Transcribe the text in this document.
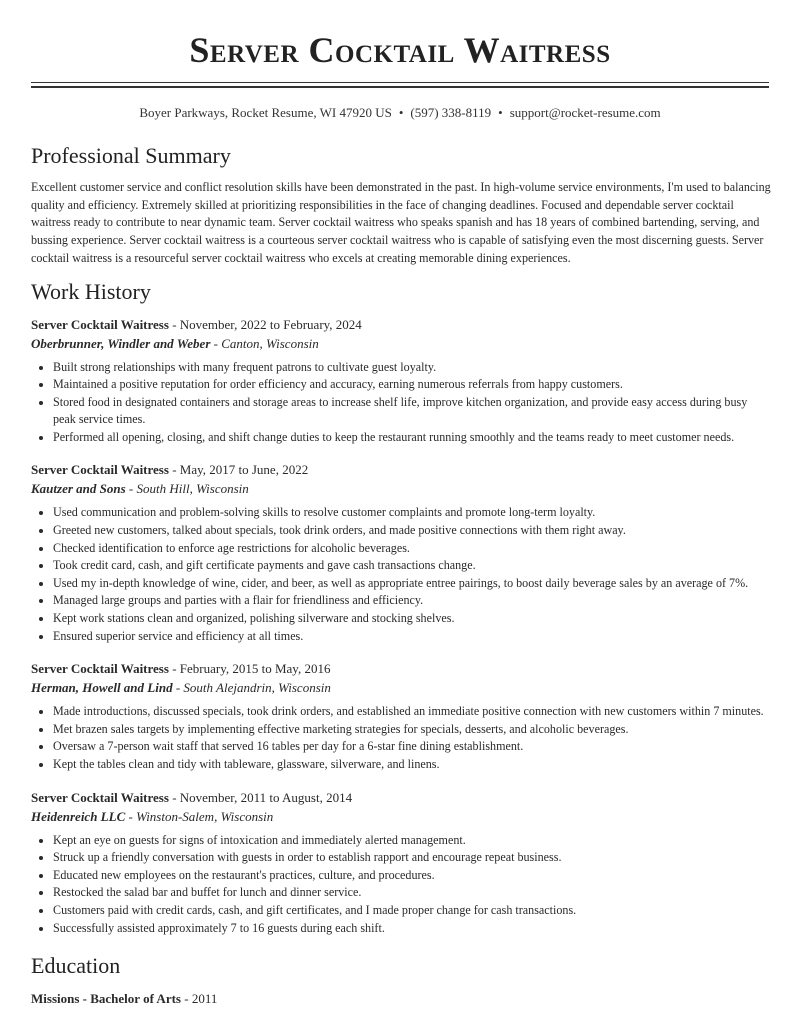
Server Cocktail Waitress
Boyer Parkways, Rocket Resume, WI 47920 US • (597) 338-8119 • support@rocket-resume.com
Professional Summary

Excellent customer service and conflict resolution skills have been demonstrated in the past. In high-volume service environments, I'm used to balancing quality and efficiency. Extremely skilled at prioritizing responsibilities in the face of changing deadlines. Focused and dependable server cocktail waitress ready to contribute to near dynamic team. Server cocktail waitress who speaks spanish and has 18 years of combined bartending, serving, and bussing experience. Server cocktail waitress is a courteous server cocktail waitress who is capable of satisfying even the most discerning guests. Server cocktail waitress is a resourceful server cocktail waitress who excels at creating memorable dining experiences.

Work History
Server Cocktail Waitress - November, 2022 to February, 2024
Oberbrunner, Windler and Weber - Canton, Wisconsin
• Built strong relationships with many frequent patrons to cultivate guest loyalty.
• Maintained a positive reputation for order efficiency and accuracy, earning numerous referrals from happy customers.
• Stored food in designated containers and storage areas to increase shelf life, improve kitchen organization, and provide easy access during busy peak service times.
• Performed all opening, closing, and shift change duties to keep the restaurant running smoothly and the teams ready to meet customer needs.
Server Cocktail Waitress - May, 2017 to June, 2022
Kautzer and Sons - South Hill, Wisconsin
• Used communication and problem-solving skills to resolve customer complaints and promote long-term loyalty.
• Greeted new customers, talked about specials, took drink orders, and made positive connections with them right away.
• Checked identification to enforce age restrictions for alcoholic beverages.
• Took credit card, cash, and gift certificate payments and gave cash transactions change.
• Used my in-depth knowledge of wine, cider, and beer, as well as appropriate entree pairings, to boost daily beverage sales by an average of 7%.
• Managed large groups and parties with a flair for friendliness and efficiency.
• Kept work stations clean and organized, polishing silverware and stocking shelves.
• Ensured superior service and efficiency at all times.
Server Cocktail Waitress - February, 2015 to May, 2016
Herman, Howell and Lind - South Alejandrin, Wisconsin
• Made introductions, discussed specials, took drink orders, and established an immediate positive connection with new customers within 7 minutes.
• Met brazen sales targets by implementing effective marketing strategies for specials, desserts, and alcoholic beverages.
• Oversaw a 7-person wait staff that served 16 tables per day for a 6-star fine dining establishment.
• Kept the tables clean and tidy with tableware, glassware, silverware, and linens.
Server Cocktail Waitress - November, 2011 to August, 2014
Heidenreich LLC - Winston-Salem, Wisconsin
• Kept an eye on guests for signs of intoxication and immediately alerted management.
• Struck up a friendly conversation with guests in order to establish rapport and encourage repeat business.
• Educated new employees on the restaurant's practices, culture, and procedures.
• Restocked the salad bar and buffet for lunch and dinner service.
• Customers paid with credit cards, cash, and gift certificates, and I made proper change for cash transactions.
• Successfully assisted approximately 7 to 16 guests during each shift.
Education
Missions - Bachelor of Arts - 2011
